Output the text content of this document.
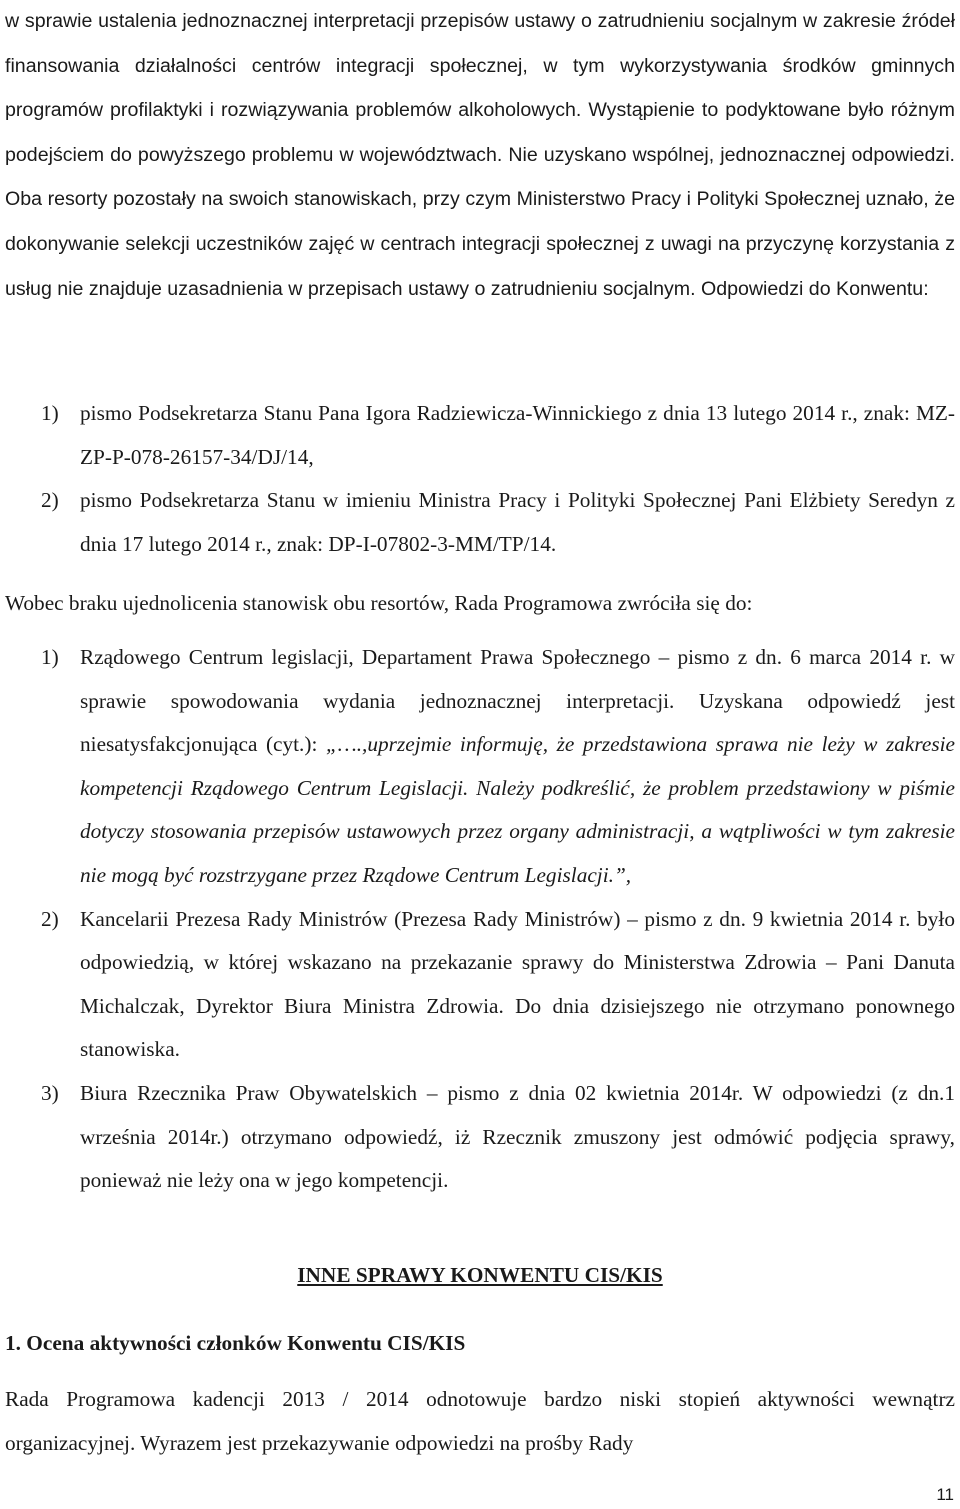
w sprawie ustalenia jednoznacznej interpretacji przepisów ustawy o zatrudnieniu socjalnym w zakresie źródeł finansowania działalności centrów integracji społecznej, w tym wykorzystywania środków gminnych programów profilaktyki i rozwiązywania problemów alkoholowych. Wystąpienie to podyktowane było różnym podejściem do powyższego problemu w województwach. Nie uzyskano wspólnej, jednoznacznej odpowiedzi. Oba resorty pozostały na swoich stanowiskach, przy czym Ministerstwo Pracy i Polityki Społecznej uznało, że dokonywanie selekcji uczestników zajęć w centrach integracji społecznej z uwagi na przyczynę korzystania z usług nie znajduje uzasadnienia w przepisach ustawy o zatrudnieniu socjalnym. Odpowiedzi do Konwentu:

1) pismo Podsekretarza Stanu Pana Igora Radziewicza-Winnickiego z dnia 13 lutego 2014 r., znak: MZ-ZP-P-078-26157-34/DJ/14,
2) pismo Podsekretarza Stanu w imieniu Ministra Pracy i Polityki Społecznej Pani Elżbiety Seredyn z dnia 17 lutego 2014 r., znak: DP-I-07802-3-MM/TP/14.

Wobec braku ujednolicenia stanowisk obu resortów, Rada Programowa zwróciła się do:

1) Rządowego Centrum legislacji, Departament Prawa Społecznego – pismo z dn. 6 marca 2014 r. w sprawie spowodowania wydania jednoznacznej interpretacji. Uzyskana odpowiedź jest niesatysfakcjonująca (cyt.): „….,uprzejmie informuję, że przedstawiona sprawa nie leży w zakresie kompetencji Rządowego Centrum Legislacji. Należy podkreślić, że problem przedstawiony w piśmie dotyczy stosowania przepisów ustawowych przez organy administracji, a wątpliwości w tym zakresie nie mogą być rozstrzygane przez Rządowe Centrum Legislacji.”,
2) Kancelarii Prezesa Rady Ministrów (Prezesa Rady Ministrów) – pismo z dn. 9 kwietnia 2014 r. było odpowiedzią, w której wskazano na przekazanie sprawy do Ministerstwa Zdrowia – Pani Danuta Michalczak, Dyrektor Biura Ministra Zdrowia. Do dnia dzisiejszego nie otrzymano ponownego stanowiska.
3) Biura Rzecznika Praw Obywatelskich – pismo z dnia 02 kwietnia 2014r. W odpowiedzi (z dn.1 września 2014r.) otrzymano odpowiedź, iż Rzecznik zmuszony jest odmówić podjęcia sprawy, ponieważ nie leży ona w jego kompetencji.
INNE SPRAWY KONWENTU CIS/KIS
1. Ocena aktywności członków Konwentu CIS/KIS

Rada Programowa kadencji 2013 / 2014 odnotowuje bardzo niski stopień aktywności wewnątrz organizacyjnej. Wyrazem jest przekazywanie odpowiedzi na prośby Rady

11
